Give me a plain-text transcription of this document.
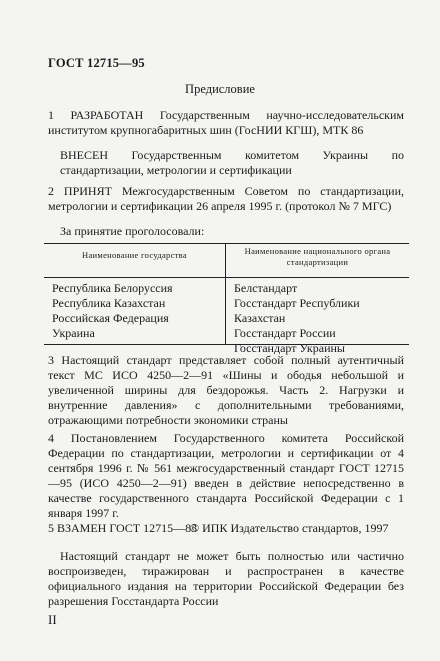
ГОСТ 12715—95
Предисловие

1 РАЗРАБОТАН Государственным научно-исследовательским институтом крупногабаритных шин (ГосНИИ КГШ), МТК 86

ВНЕСЕН Государственным комитетом Украины по стандартизации, метрологии и сертификации

2 ПРИНЯТ Межгосударственным Советом по стандартизации, метрологии и сертификации 26 апреля 1995 г. (протокол № 7 МГС)

За принятие проголосовали:

Наименование государства	Наименование национального органа стандартизации
Республика Белоруссия
Республика Казахстан
Российская Федерация
Украина
Белстандарт
Госстандарт Республики Казахстан
Госстандарт России
Госстандарт Украины

3 Настоящий стандарт представляет собой полный аутентичный текст МС ИСО 4250—2—91 «Шины и ободья небольшой и увеличенной ширины для бездорожья. Часть 2. Нагрузки и внутренние давления» с дополнительными требованиями, отражающими потребности экономики страны

4 Постановлением Государственного комитета Российской Федерации по стандартизации, метрологии и сертификации от 4 сентября 1996 г. № 561 межгосударственный стандарт ГОСТ 12715—95 (ИСО 4250—2—91) введен в действие непосредственно в качестве государственного стандарта Российской Федерации с 1 января 1997 г.

5 ВЗАМЕН ГОСТ 12715—83
© ИПК Издательство стандартов, 1997

Настоящий стандарт не может быть полностью или частично воспроизведен, тиражирован и распространен в качестве официального издания на территории Российской Федерации без разрешения Госстандарта России

II
